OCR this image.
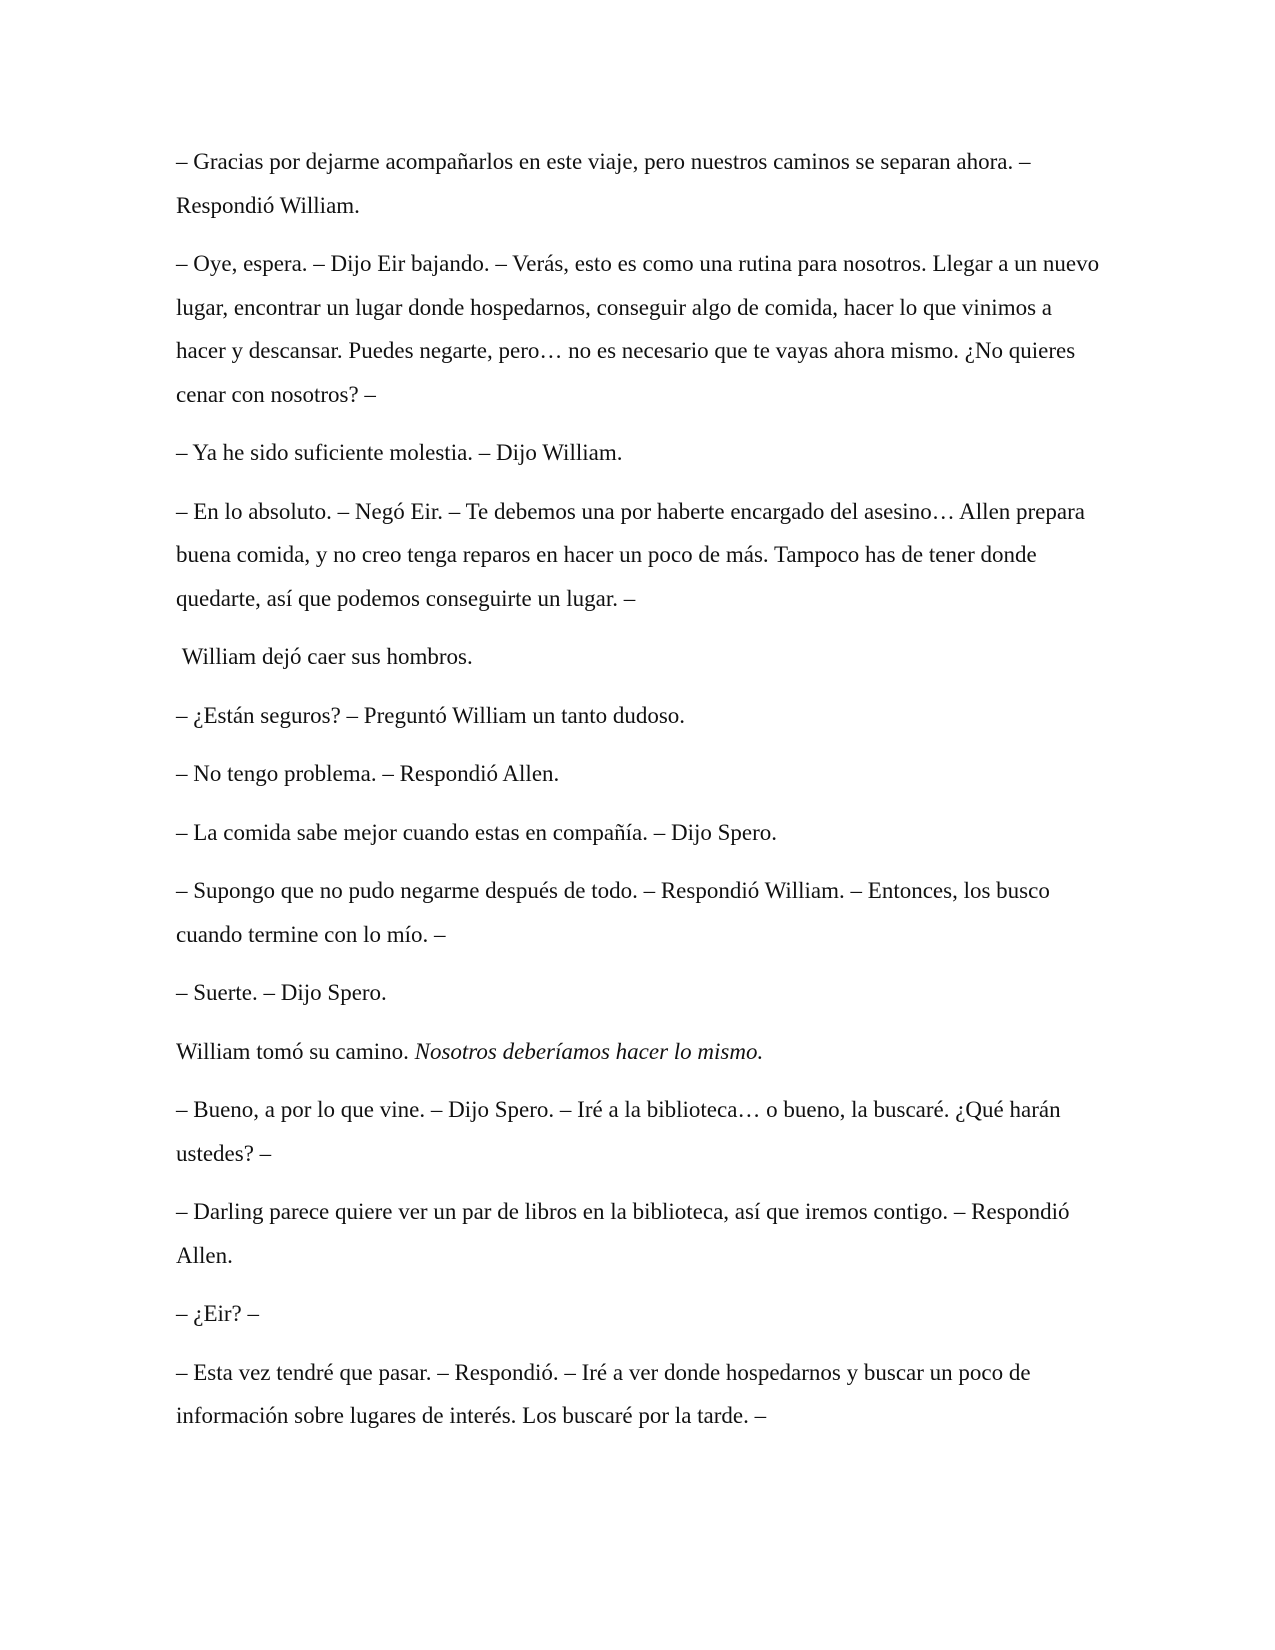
– Gracias por dejarme acompañarlos en este viaje, pero nuestros caminos se separan ahora. – Respondió William.

– Oye, espera. – Dijo Eir bajando. – Verás, esto es como una rutina para nosotros. Llegar a un nuevo lugar, encontrar un lugar donde hospedarnos, conseguir algo de comida, hacer lo que vinimos a hacer y descansar. Puedes negarte, pero… no es necesario que te vayas ahora mismo. ¿No quieres cenar con nosotros? –

– Ya he sido suficiente molestia. – Dijo William.

– En lo absoluto. – Negó Eir. – Te debemos una por haberte encargado del asesino… Allen prepara buena comida, y no creo tenga reparos en hacer un poco de más. Tampoco has de tener donde quedarte, así que podemos conseguirte un lugar. –

William dejó caer sus hombros.

– ¿Están seguros? – Preguntó William un tanto dudoso.

– No tengo problema. – Respondió Allen.

– La comida sabe mejor cuando estas en compañía. – Dijo Spero.

– Supongo que no pudo negarme después de todo. – Respondió William. – Entonces, los busco cuando termine con lo mío. –

– Suerte. – Dijo Spero.

William tomó su camino. Nosotros deberíamos hacer lo mismo.

– Bueno, a por lo que vine. – Dijo Spero. – Iré a la biblioteca… o bueno, la buscaré. ¿Qué harán ustedes? –

– Darling parece quiere ver un par de libros en la biblioteca, así que iremos contigo. – Respondió Allen.

– ¿Eir? –

– Esta vez tendré que pasar. – Respondió. – Iré a ver donde hospedarnos y buscar un poco de información sobre lugares de interés. Los buscaré por la tarde. –
